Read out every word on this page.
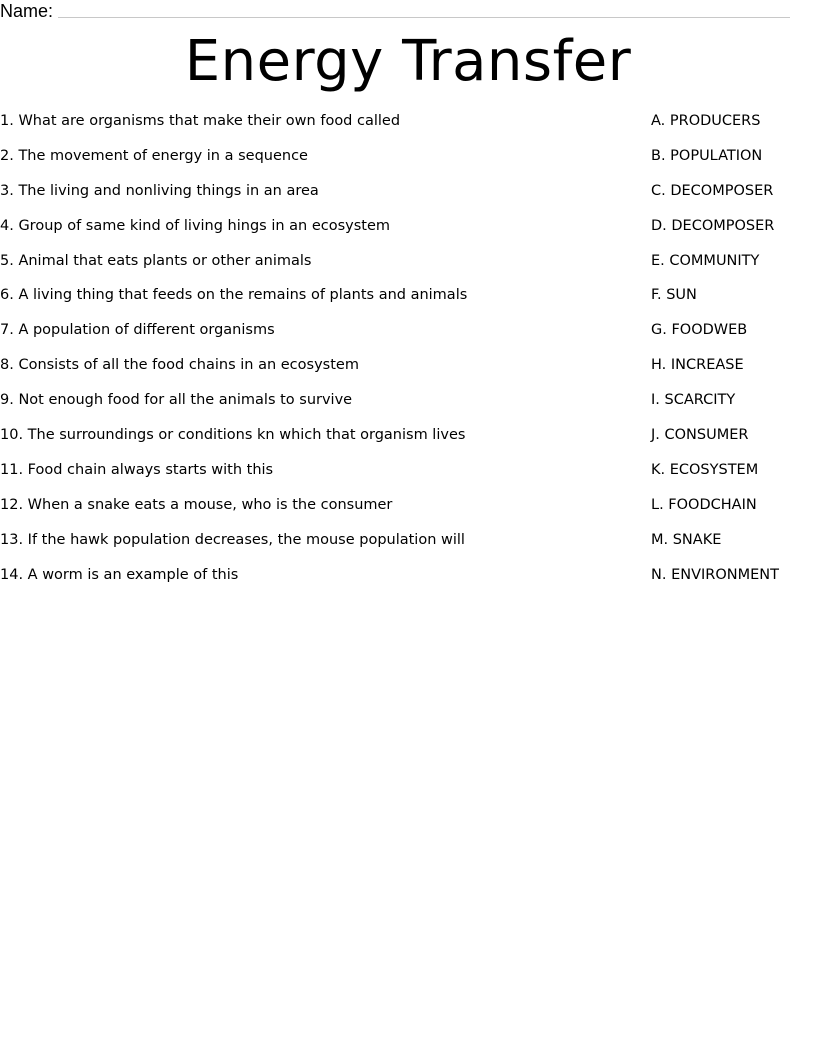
Name:
Energy Transfer
1. What are organisms that make their own food called	A. PRODUCERS
2. The movement of energy in a sequence	B. POPULATION
3. The living and nonliving things in an area	C. DECOMPOSER
4. Group of same kind of living hings in an ecosystem	D. DECOMPOSER
5. Animal that eats plants or other animals	E. COMMUNITY
6. A living thing that feeds on the remains of plants and animals	F. SUN
7. A population of different organisms	G. FOODWEB
8. Consists of all the food chains in an ecosystem	H. INCREASE
9. Not enough food for all the animals to survive	I. SCARCITY
10. The surroundings or conditions kn which that organism lives	J. CONSUMER
11. Food chain always starts with this	K. ECOSYSTEM
12. When a snake eats a mouse, who is the consumer	L. FOODCHAIN
13. If the hawk population decreases, the mouse population will	M. SNAKE
14. A worm is an example of this	N. ENVIRONMENT
